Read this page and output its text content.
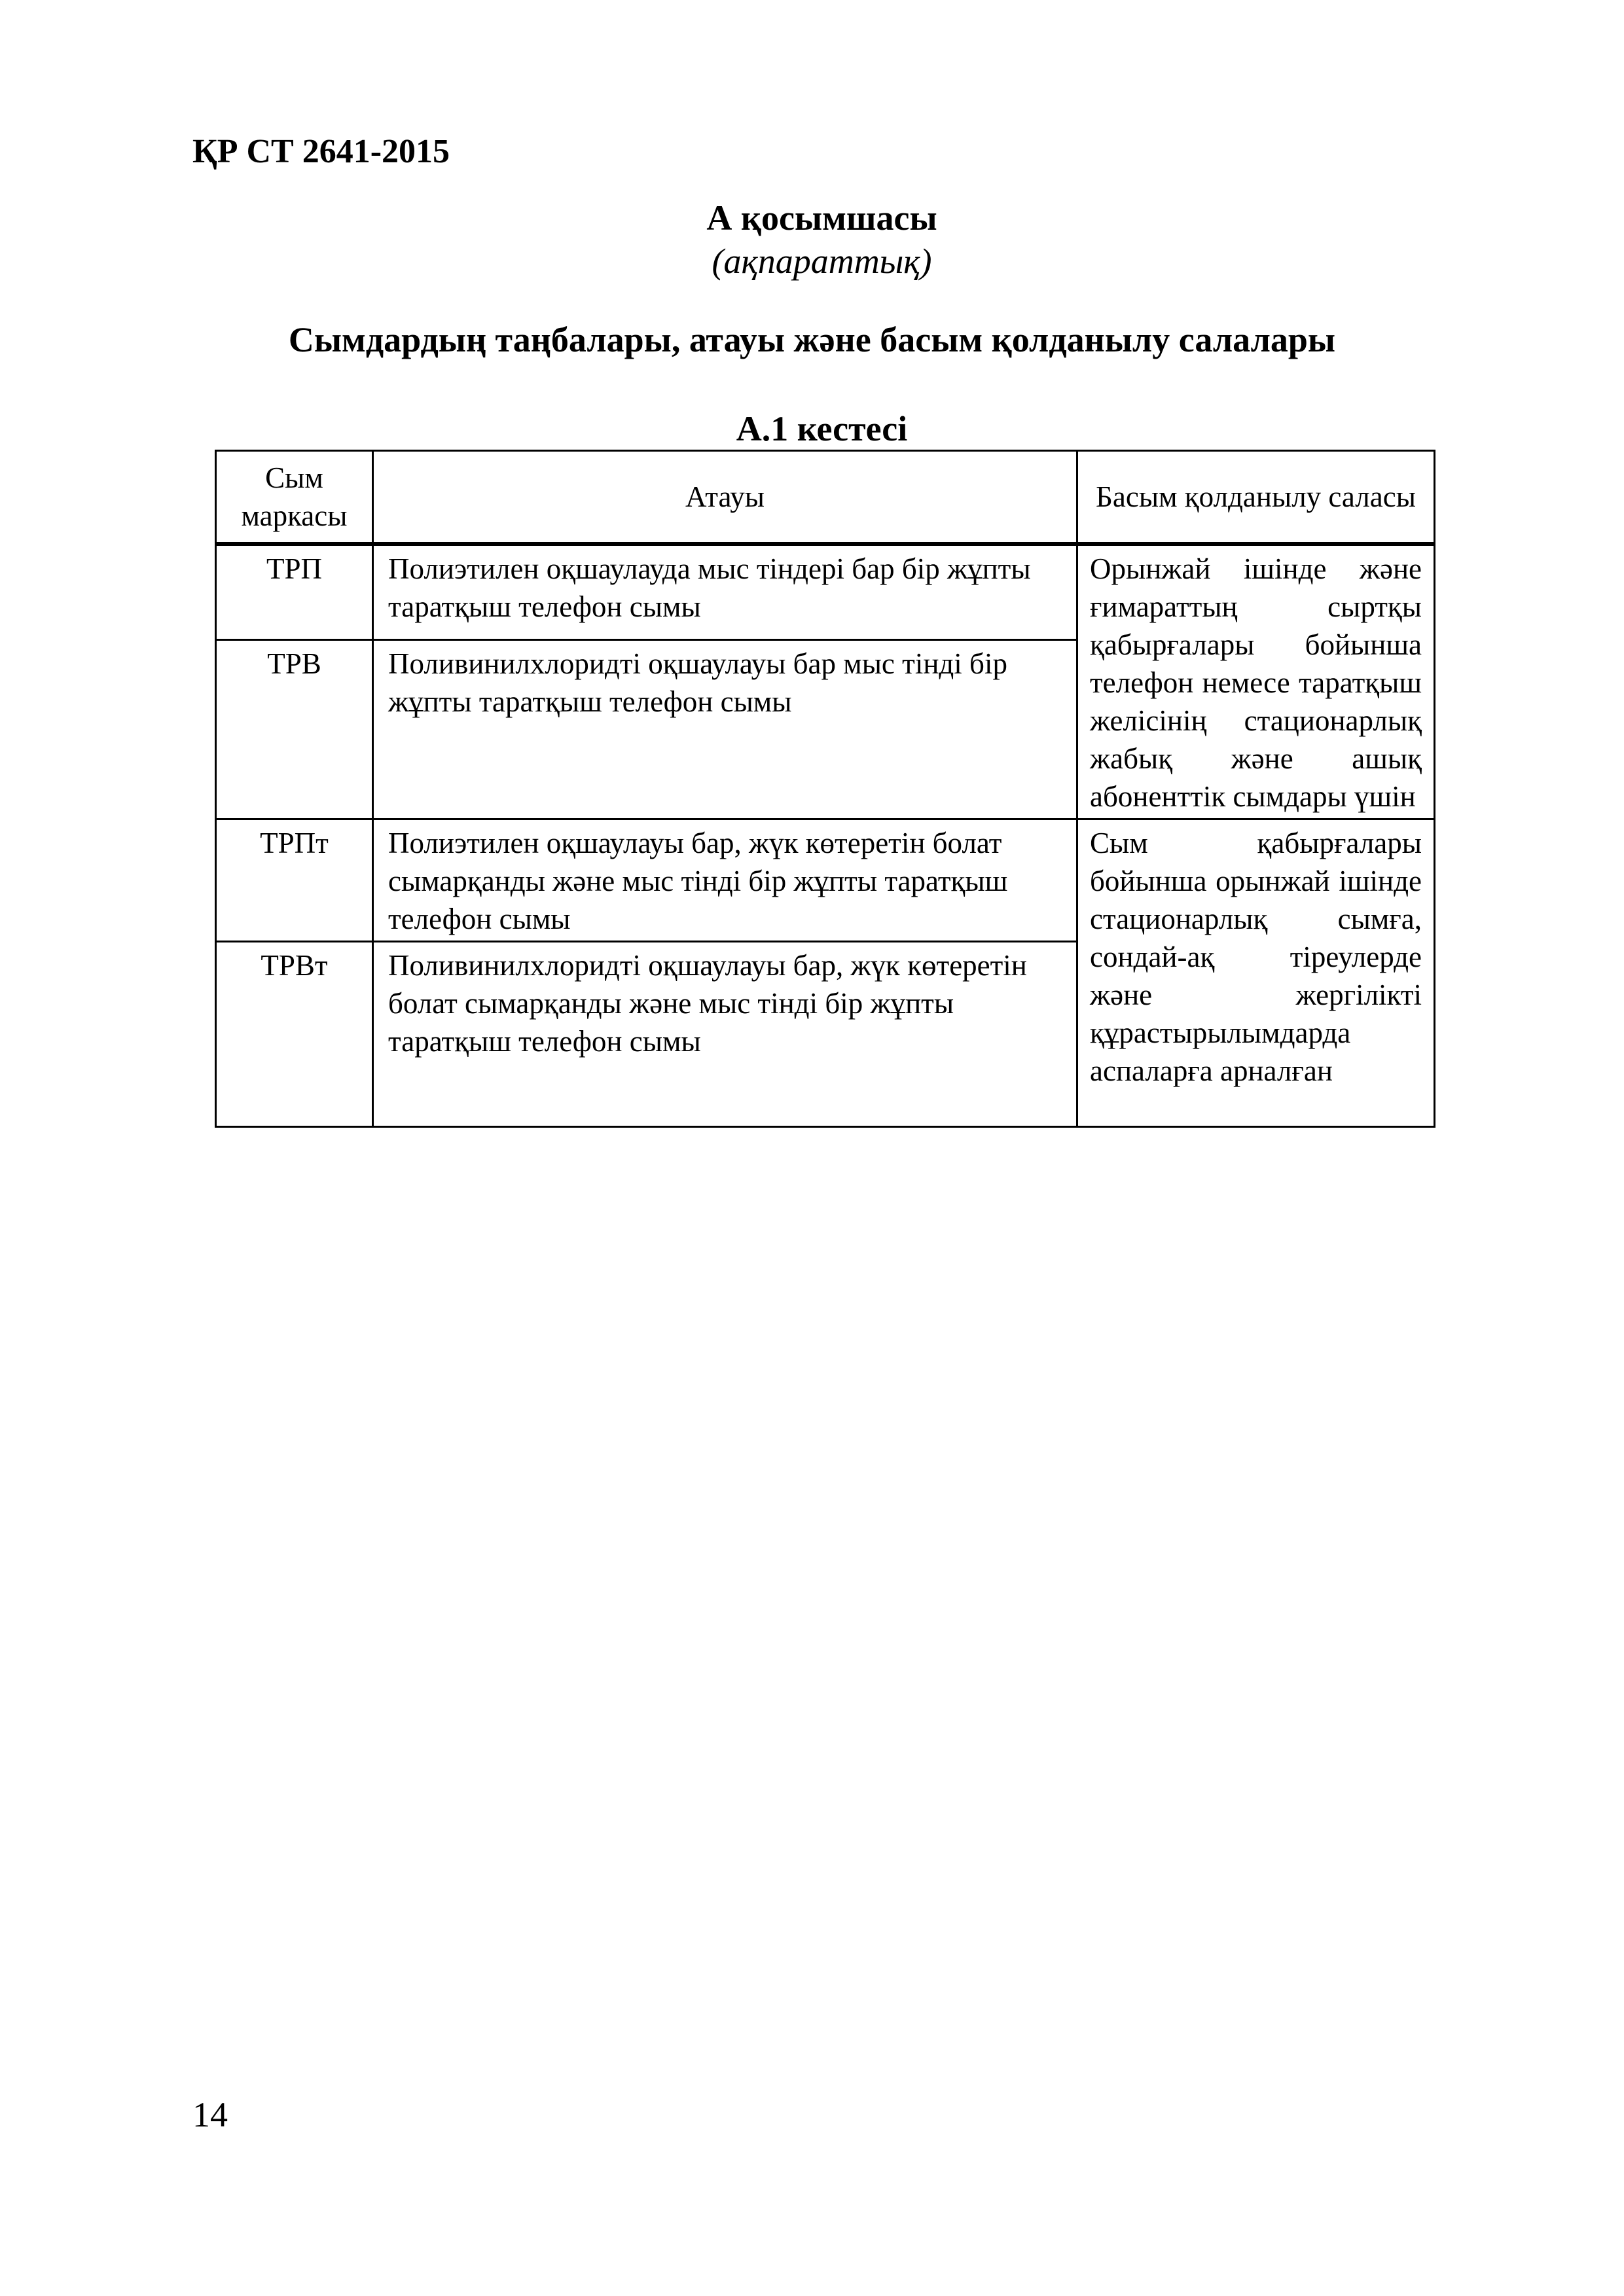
ҚР СТ 2641-2015
А қосымшасы
(ақпараттық)
Сымдардың таңбалары, атауы және басым қолданылу салалары
А.1 кестесі
Сым маркасы	Атауы	Басым қолданылу саласы
ТРП	Полиэтилен оқшаулауда мыс тіндері бар бір жұпты таратқыш телефон сымы	Орынжай ішінде және ғимараттың сыртқы қабырғалары бойынша телефон немесе таратқыш желісінің стационарлық жабық және ашық абоненттік сымдары үшін
ТРВ	Поливинилхлоридті оқшаулауы бар мыс тінді бір жұпты таратқыш телефон сымы	
ТРПт	Полиэтилен оқшаулауы бар, жүк көтеретін болат сымарқанды және мыс тінді бір жұпты таратқыш телефон сымы	Сым қабырғалары бойынша орынжай ішінде стационарлық сымға, сондай-ақ тіреулерде және жергілікті құрастырылымдарда аспаларға арналған
ТРВт	Поливинилхлоридті оқшаулауы бар, жүк көтеретін болат сымарқанды және мыс тінді бір жұпты таратқыш телефон сымы	
14
